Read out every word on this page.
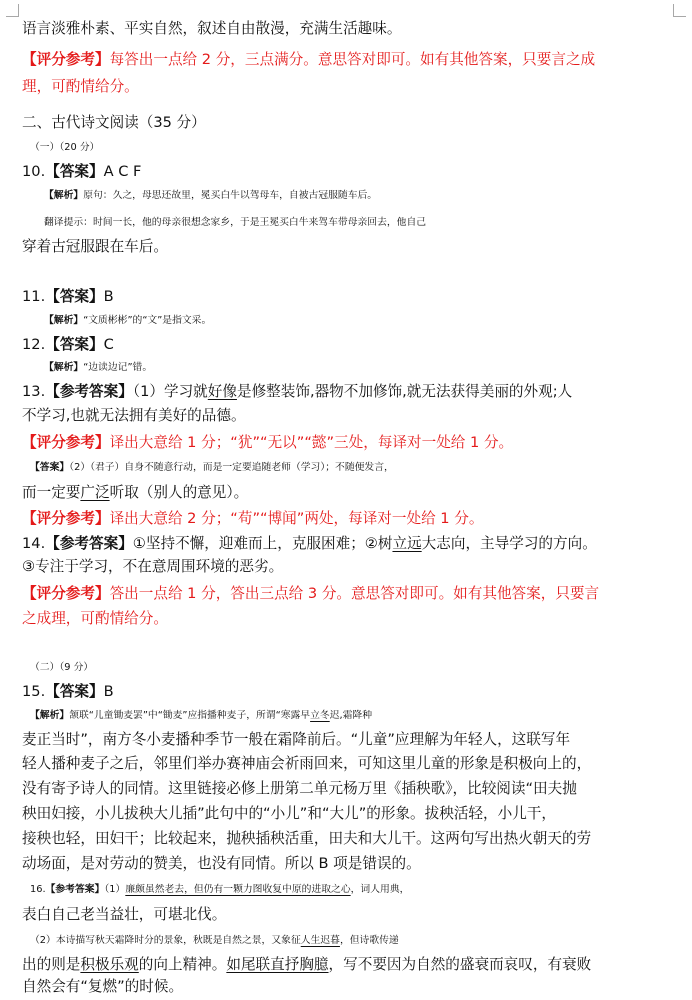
语言淡雅朴素、平实自然，叙述自由散漫，充满生活趣味。
【评分参考】每答出一点给 2 分，三点满分。意思答对即可。如有其他答案，只要言之成
理，可酌情给分。
二、古代诗文阅读（35 分）
（一）（20 分）
10.【答案】A C F
【解析】原句：久之，母思还故里，冕买白牛以驾母车，自被古冠服随车后。
翻译提示：时间一长，他的母亲很想念家乡，于是王冕买白牛来驾车带母亲回去，他自己
穿着古冠服跟在车后。
11.【答案】B
【解析】“文质彬彬”的“文”是指文采。
12.【答案】C
【解析】“边读边记”错。
13.【参考答案】（1）学习就好像是修整装饰,器物不加修饰,就无法获得美丽的外观;人
不学习,也就无法拥有美好的品德。
【评分参考】译出大意给 1 分；“犹”“无以”“懿”三处，每译对一处给 1 分。
【答案】（2）（君子）自身不随意行动，而是一定要追随老师（学习）；不随便发言，
而一定要广泛听取（别人的意见）。
【评分参考】译出大意给 2 分；“苟”“博闻”两处，每译对一处给 1 分。
14.【参考答案】①坚持不懈，迎难而上，克服困难；②树立远大志向，主导学习的方向。
③专注于学习，不在意周围环境的恶劣。
【评分参考】答出一点给 1 分，答出三点给 3 分。意思答对即可。如有其他答案，只要言
之成理，可酌情给分。
（二）（9 分）
15.【答案】B
【解析】颔联“儿童锄麦罢”中“锄麦”应指播种麦子，所谓“寒露早立冬迟,霜降种
麦正当时”，南方冬小麦播种季节一般在霜降前后。“儿童”应理解为年轻人，这联写年
轻人播种麦子之后，邻里们举办赛神庙会祈雨回来，可知这里儿童的形象是积极向上的，
没有寄予诗人的同情。这里链接必修上册第二单元杨万里《插秧歌》，比较阅读“田夫抛
秧田妇接，小儿拔秧大儿插”此句中的“小儿”和“大儿”的形象。拔秧活轻，小儿干，
接秧也轻，田妇干；比较起来，抛秧插秧活重，田夫和大儿干。这两句写出热火朝天的劳
动场面，是对劳动的赞美，也没有同情。所以 B 项是错误的。
16.【参考答案】（1）廉颇虽然老去，但仍有一颗力图收复中原的进取之心，词人用典，
表白自己老当益壮，可堪北伐。
（2）本诗描写秋天霜降时分的景象，秋既是自然之景，又象征人生迟暮，但诗歌传递
出的则是积极乐观的向上精神。如尾联直抒胸臆，写不要因为自然的盛衰而哀叹，有衰败
自然会有“复燃”的时候。
